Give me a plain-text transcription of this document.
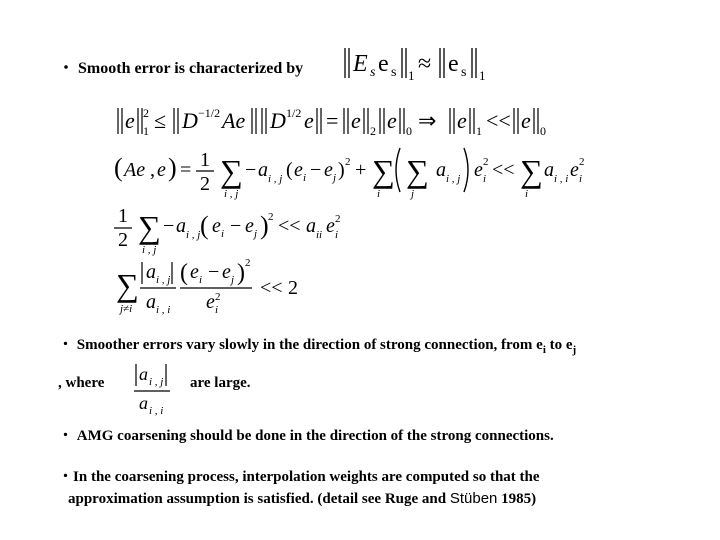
・ Smooth error is characterized by E s e s 1 ≈ e s 1
e 2
1 ≤ D −1/2 Ae D 1/2 e = e 2 e 0 ⇒ e 1 << e 0
( Ae , e ) = 1
2 ∑
i , j
− a i , j ( e i − e j ) 2 + ∑
i
∑
j
a i , j e 2
i << ∑
i
a i , i e 2
i
1
2 ∑
i , j
− a i , j ( e i − e j ) 2 << a ii e 2
i
∑
j≠i
a i , j
a i , i
( e i − e j ) 2
e 2
i
<< 2
・ Smoother errors vary slowly in the direction of strong connection, from $e_i$ to $e_j$
, where a i , j
a i , i
are large.
・ AMG coarsening should be done in the direction of the strong connections.
・In the coarsening process, interpolation weights are computed so that the
approximation assumption is satisfied. (detail see Ruge and Stüben 1985)
